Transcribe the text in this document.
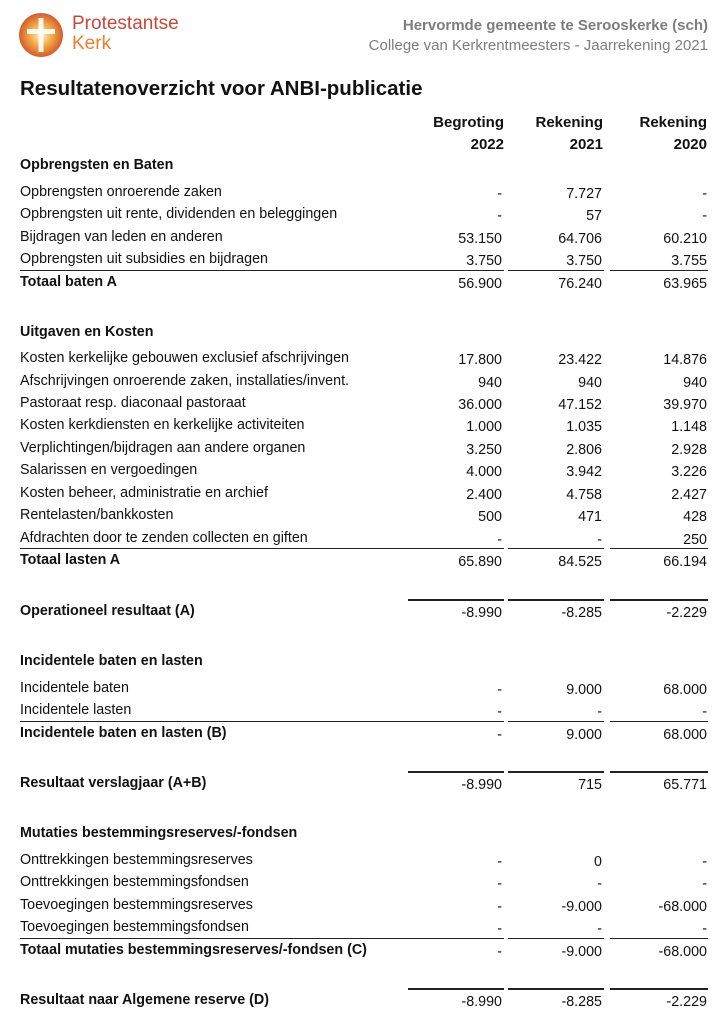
Protestantse
Kerk
Hervormde gemeente te Serooskerke (sch)
College van Kerkrentmeesters - Jaarrekening 2021
Resultatenoverzicht voor ANBI-publicatie
Begroting
2022
Rekening
2021
Rekening
2020
Opbrengsten en Baten
Opbrengsten onroerende zaken	-	7.727	-
Opbrengsten uit rente, dividenden en beleggingen	-	57	-
Bijdragen van leden en anderen	53.150	64.706	60.210
Opbrengsten uit subsidies en bijdragen	3.750	3.750	3.755
Totaal baten A	56.900	76.240	63.965
Uitgaven en Kosten
Kosten kerkelijke gebouwen exclusief afschrijvingen	17.800	23.422	14.876
Afschrijvingen onroerende zaken, installaties/invent.	940	940	940
Pastoraat resp. diaconaal pastoraat	36.000	47.152	39.970
Kosten kerkdiensten en kerkelijke activiteiten	1.000	1.035	1.148
Verplichtingen/bijdragen aan andere organen	3.250	2.806	2.928
Salarissen en vergoedingen	4.000	3.942	3.226
Kosten beheer, administratie en archief	2.400	4.758	2.427
Rentelasten/bankkosten	500	471	428
Afdrachten door te zenden collecten en giften	-	-	250
Totaal lasten A	65.890	84.525	66.194
Operationeel resultaat (A)	-8.990	-8.285	-2.229
Incidentele baten en lasten
Incidentele baten	-	9.000	68.000
Incidentele lasten	-	-	-
Incidentele baten en lasten (B)	-	9.000	68.000
Resultaat verslagjaar (A+B)	-8.990	715	65.771
Mutaties bestemmingsreserves/-fondsen
Onttrekkingen bestemmingsreserves	-	0	-
Onttrekkingen bestemmingsfondsen	-	-	-
Toevoegingen bestemmingsreserves	-	-9.000	-68.000
Toevoegingen bestemmingsfondsen	-	-	-
Totaal mutaties bestemmingsreserves/-fondsen (C)	-	-9.000	-68.000
Resultaat naar Algemene reserve (D)	-8.990	-8.285	-2.229
